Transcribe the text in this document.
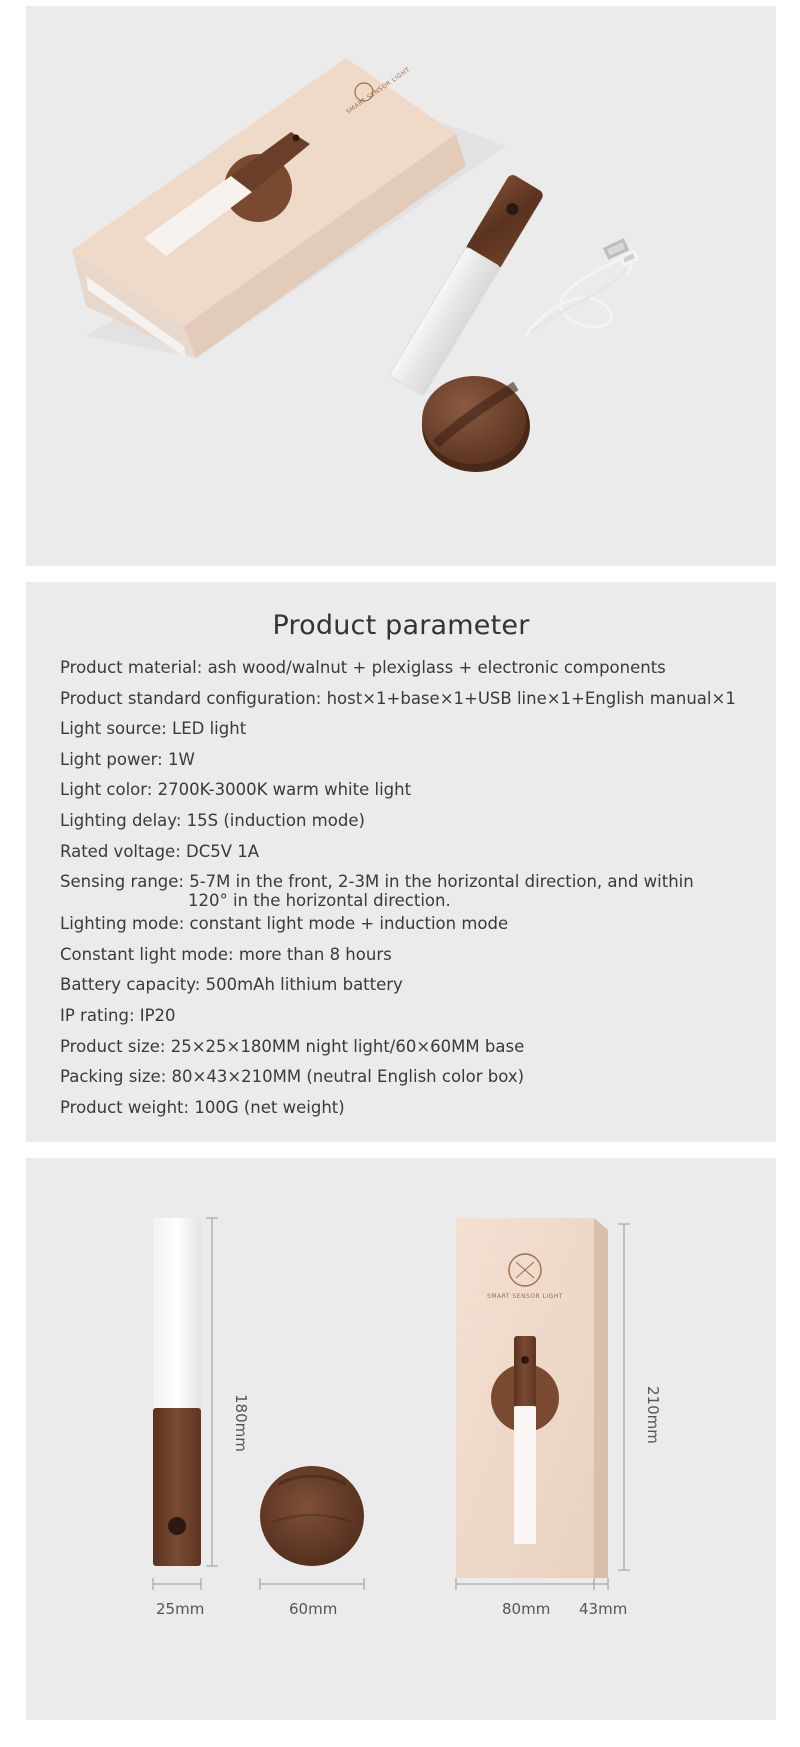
SMART SENSOR LIGHT
Product parameter
Product material: ash wood/walnut + plexiglass + electronic components
Product standard configuration: host×1+base×1+USB line×1+English manual×1
Light source: LED light
Light power: 1W
Light color: 2700K-3000K warm white light
Lighting delay: 15S (induction mode)
Rated voltage: DC5V 1A
Sensing range: 5-7M in the front, 2-3M in the horizontal direction, and within
120° in the horizontal direction.
Lighting mode: constant light mode + induction mode
Constant light mode: more than 8 hours
Battery capacity: 500mAh lithium battery
IP rating: IP20
Product size: 25×25×180MM night light/60×60MM base
Packing size: 80×43×210MM (neutral English color box)
Product weight: 100G (net weight)
SMART SENSOR LIGHT
180mm
25mm	60mm
210mm
80mm 43mm
